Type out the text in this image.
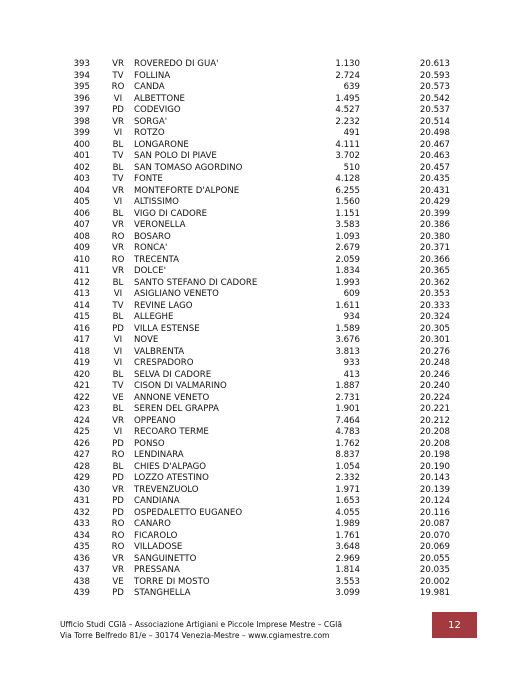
393	VR	ROVEREDO DI GUA'	1.130	20.613
394	TV	FOLLINA	2.724	20.593
395	RO	CANDA	639	20.573
396	VI	ALBETTONE	1.495	20.542
397	PD	CODEVIGO	4.527	20.537
398	VR	SORGA'	2.232	20.514
399	VI	ROTZO	491	20.498
400	BL	LONGARONE	4.111	20.467
401	TV	SAN POLO DI PIAVE	3.702	20.463
402	BL	SAN TOMASO AGORDINO	510	20.457
403	TV	FONTE	4.128	20.435
404	VR	MONTEFORTE D'ALPONE	6.255	20.431
405	VI	ALTISSIMO	1.560	20.429
406	BL	VIGO DI CADORE	1.151	20.399
407	VR	VERONELLA	3.583	20.386
408	RO	BOSARO	1.093	20.380
409	VR	RONCA'	2.679	20.371
410	RO	TRECENTA	2.059	20.366
411	VR	DOLCE'	1.834	20.365
412	BL	SANTO STEFANO DI CADORE	1.993	20.362
413	VI	ASIGLIANO VENETO	609	20.353
414	TV	REVINE LAGO	1.611	20.333
415	BL	ALLEGHE	934	20.324
416	PD	VILLA ESTENSE	1.589	20.305
417	VI	NOVE	3.676	20.301
418	VI	VALBRENTA	3.813	20.276
419	VI	CRESPADORO	933	20.248
420	BL	SELVA DI CADORE	413	20.246
421	TV	CISON DI VALMARINO	1.887	20.240
422	VE	ANNONE VENETO	2.731	20.224
423	BL	SEREN DEL GRAPPA	1.901	20.221
424	VR	OPPEANO	7.464	20.212
425	VI	RECOARO TERME	4.783	20.208
426	PD	PONSO	1.762	20.208
427	RO	LENDINARA	8.837	20.198
428	BL	CHIES D'ALPAGO	1.054	20.190
429	PD	LOZZO ATESTINO	2.332	20.143
430	VR	TREVENZUOLO	1.971	20.139
431	PD	CANDIANA	1.653	20.124
432	PD	OSPEDALETTO EUGANEO	4.055	20.116
433	RO	CANARO	1.989	20.087
434	RO	FICAROLO	1.761	20.070
435	RO	VILLADOSE	3.648	20.069
436	VR	SANGUINETTO	2.969	20.055
437	VR	PRESSANA	1.814	20.035
438	VE	TORRE DI MOSTO	3.553	20.002
439	PD	STANGHELLA	3.099	19.981
Ufficio Studi CGIā – Associazione Artigiani e Piccole Imprese Mestre – CGIā
Via Torre Belfredo 81/e – 30174 Venezia-Mestre – www.cgiamestre.com
12
